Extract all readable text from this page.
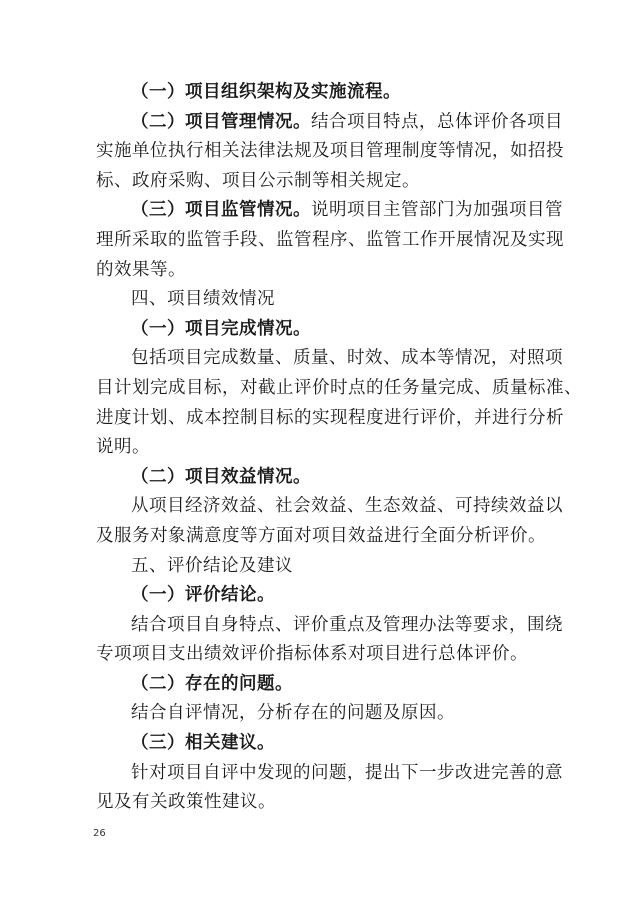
（一）项目组织架构及实施流程。
（二）项目管理情况。结合项目特点，总体评价各项目
实施单位执行相关法律法规及项目管理制度等情况，如招投
标、政府采购、项目公示制等相关规定。
（三）项目监管情况。说明项目主管部门为加强项目管
理所采取的监管手段、监管程序、监管工作开展情况及实现
的效果等。
四、项目绩效情况
（一）项目完成情况。
包括项目完成数量、质量、时效、成本等情况，对照项
目计划完成目标，对截止评价时点的任务量完成、质量标准、
进度计划、成本控制目标的实现程度进行评价，并进行分析
说明。
（二）项目效益情况。
从项目经济效益、社会效益、生态效益、可持续效益以
及服务对象满意度等方面对项目效益进行全面分析评价。
五、评价结论及建议
（一）评价结论。
结合项目自身特点、评价重点及管理办法等要求，围绕
专项项目支出绩效评价指标体系对项目进行总体评价。
（二）存在的问题。
结合自评情况，分析存在的问题及原因。
（三）相关建议。
针对项目自评中发现的问题，提出下一步改进完善的意
见及有关政策性建议。
26
